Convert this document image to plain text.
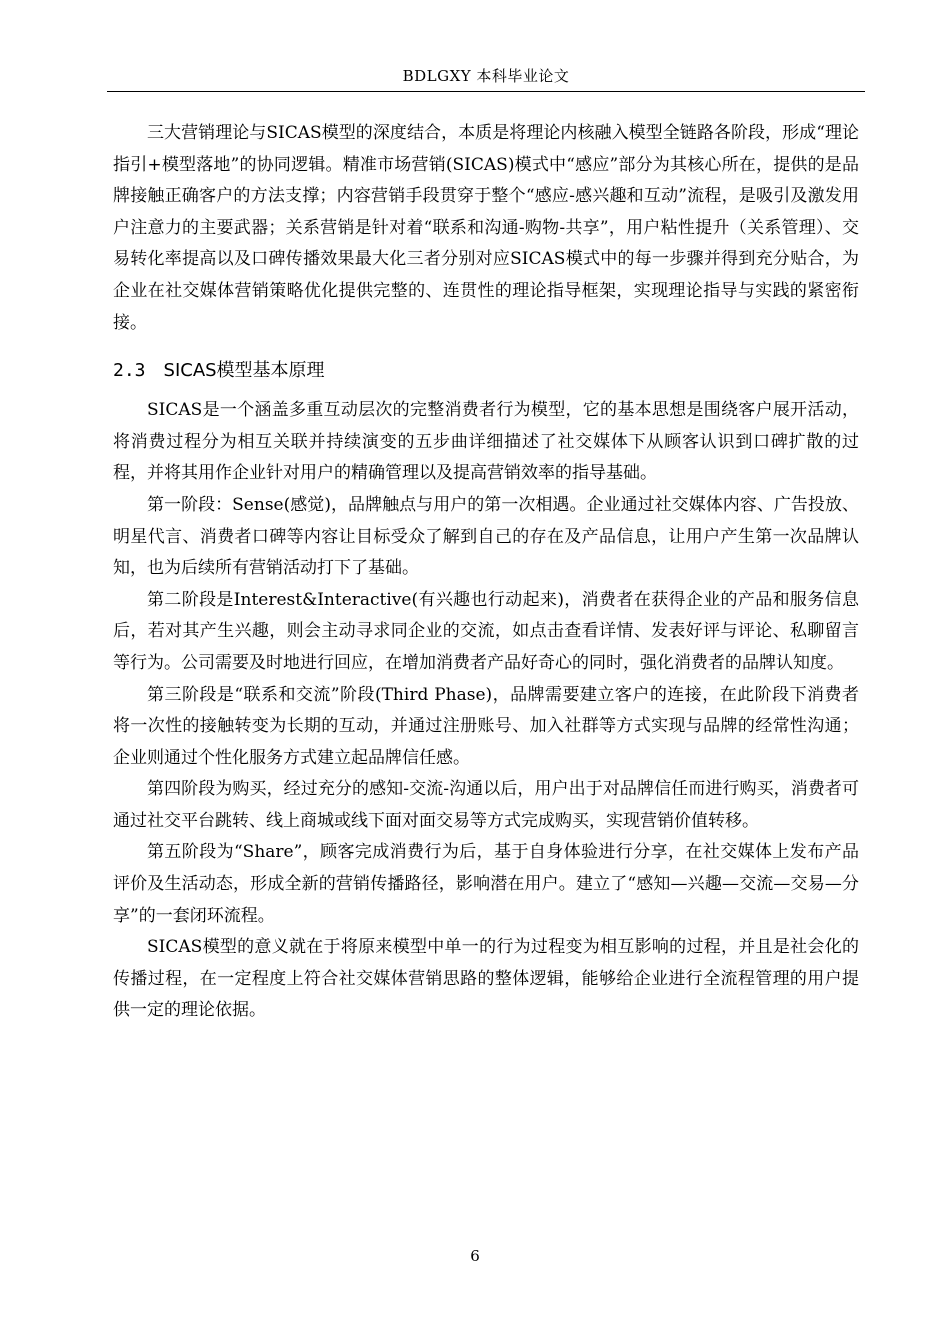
BDLGXY 本科毕业论文

三大营销理论与SICAS模型的深度结合，本质是将理论内核融入模型全链路各阶段，形成“理论指引+模型落地”的协同逻辑。精准市场营销(SICAS)模式中“感应”部分为其核心所在，提供的是品牌接触正确客户的方法支撑；内容营销手段贯穿于整个“感应-感兴趣和互动”流程，是吸引及激发用户注意力的主要武器；关系营销是针对着“联系和沟通-购物-共享”，用户粘性提升（关系管理）、交易转化率提高以及口碑传播效果最大化三者分别对应SICAS模式中的每一步骤并得到充分贴合，为企业在社交媒体营销策略优化提供完整的、连贯性的理论指导框架，实现理论指导与实践的紧密衔接。

2.3 SICAS模型基本原理

SICAS是一个涵盖多重互动层次的完整消费者行为模型，它的基本思想是围绕客户展开活动，将消费过程分为相互关联并持续演变的五步曲详细描述了社交媒体下从顾客认识到口碑扩散的过程，并将其用作企业针对用户的精确管理以及提高营销效率的指导基础。

第一阶段：Sense(感觉)，品牌触点与用户的第一次相遇。企业通过社交媒体内容、广告投放、明星代言、消费者口碑等内容让目标受众了解到自己的存在及产品信息，让用户产生第一次品牌认知，也为后续所有营销活动打下了基础。

第二阶段是Interest&Interactive(有兴趣也行动起来)，消费者在获得企业的产品和服务信息后，若对其产生兴趣，则会主动寻求同企业的交流，如点击查看详情、发表好评与评论、私聊留言等行为。公司需要及时地进行回应，在增加消费者产品好奇心的同时，强化消费者的品牌认知度。

第三阶段是“联系和交流”阶段(Third Phase)，品牌需要建立客户的连接，在此阶段下消费者将一次性的接触转变为长期的互动，并通过注册账号、加入社群等方式实现与品牌的经常性沟通；企业则通过个性化服务方式建立起品牌信任感。

第四阶段为购买，经过充分的感知-交流-沟通以后，用户出于对品牌信任而进行购买，消费者可通过社交平台跳转、线上商城或线下面对面交易等方式完成购买，实现营销价值转移。

第五阶段为“Share”，顾客完成消费行为后，基于自身体验进行分享，在社交媒体上发布产品评价及生活动态，形成全新的营销传播路径，影响潜在用户。建立了“感知—兴趣—交流—交易—分享”的一套闭环流程。

SICAS模型的意义就在于将原来模型中单一的行为过程变为相互影响的过程，并且是社会化的传播过程，在一定程度上符合社交媒体营销思路的整体逻辑，能够给企业进行全流程管理的用户提供一定的理论依据。

6
